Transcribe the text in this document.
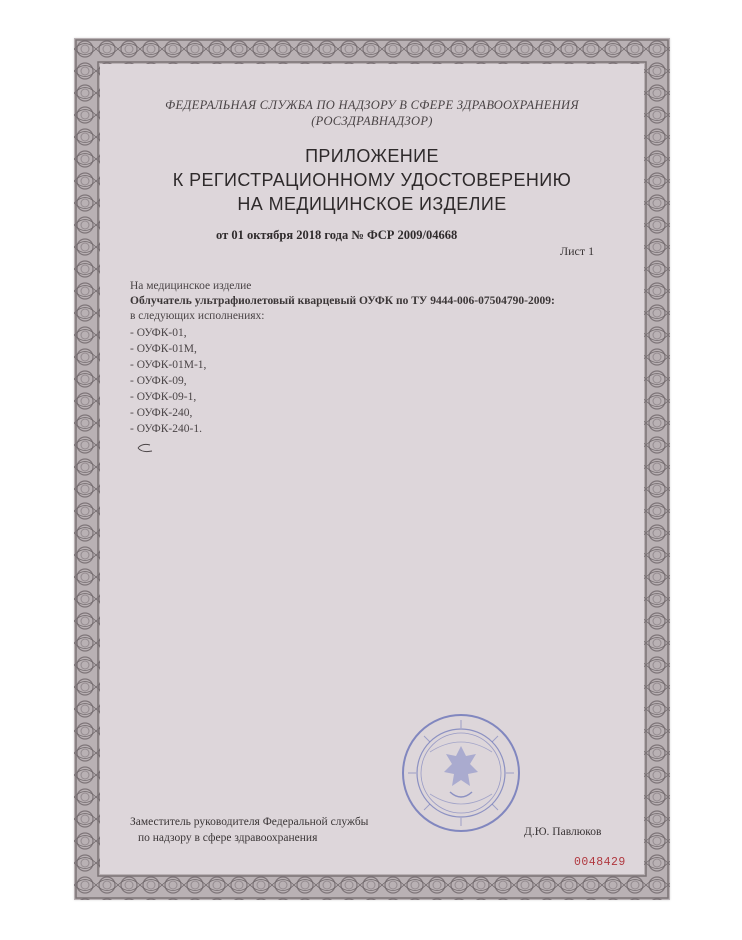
ФЕДЕРАЛЬНАЯ СЛУЖБА ПО НАДЗОРУ В СФЕРЕ ЗДРАВООХРАНЕНИЯ
(РОСЗДРАВНАДЗОР)
ПРИЛОЖЕНИЕ
К РЕГИСТРАЦИОННОМУ УДОСТОВЕРЕНИЮ
НА МЕДИЦИНСКОЕ ИЗДЕЛИЕ
от 01 октября 2018 года № ФСР 2009/04668
Лист 1
На медицинское изделие
Облучатель ультрафиолетовый кварцевый ОУФК по ТУ 9444-006-07504790-2009:
в следующих исполнениях:
- ОУФК-01,
- ОУФК-01М,
- ОУФК-01М-1,
- ОУФК-09,
- ОУФК-09-1,
- ОУФК-240,
- ОУФК-240-1.
Заместитель руководителя Федеральной службы
по надзору в сфере здравоохранения	Д.Ю. Павлюков
0048429
